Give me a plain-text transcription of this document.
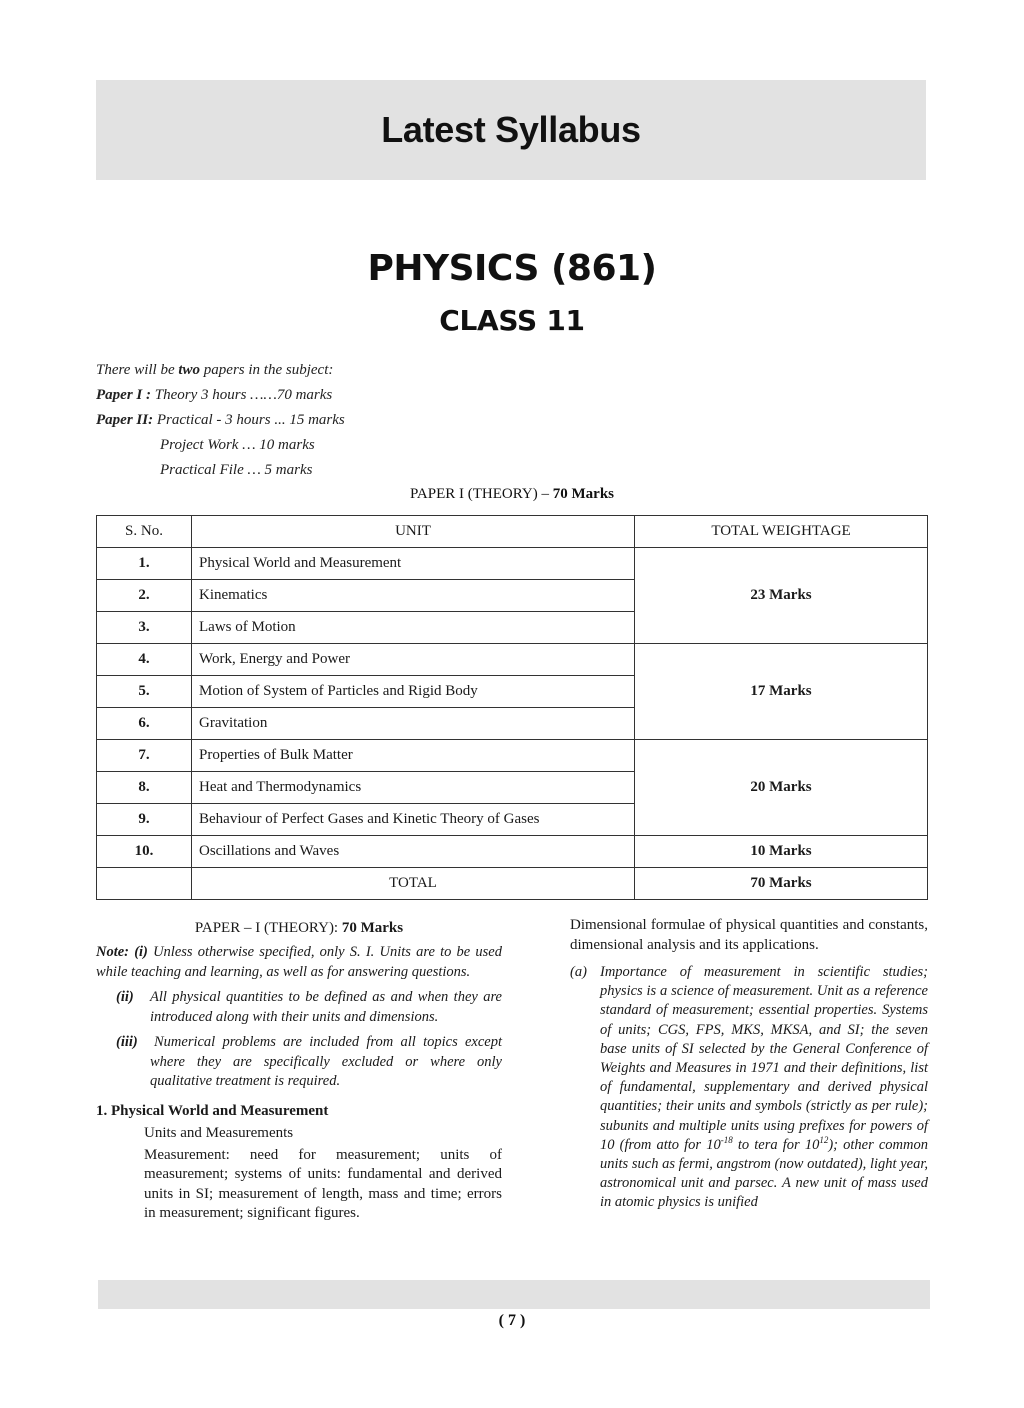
Latest Syllabus
PHYSICS (861)
CLASS 11
There will be two papers in the subject:
Paper I : Theory 3 hours ……70 marks
Paper II: Practical - 3 hours ... 15 marks
Project Work … 10 marks
Practical File … 5 marks
PAPER I (THEORY) – 70 Marks
S. No.	UNIT	TOTAL WEIGHTAGE
1.	Physical World and Measurement	23 Marks
2.	Kinematics	
3.	Laws of Motion	
4.	Work, Energy and Power	17 Marks
5.	Motion of System of Particles and Rigid Body	
6.	Gravitation	
7.	Properties of Bulk Matter	20 Marks
8.	Heat and Thermodynamics	
9.	Behaviour of Perfect Gases and Kinetic Theory of Gases	
10.	Oscillations and Waves	10 Marks
	TOTAL	70 Marks
PAPER – I (THEORY): 70 Marks
Note: (i) Unless otherwise specified, only S. I. Units are to be used while teaching and learning, as well as for answering questions.
(ii) All physical quantities to be defined as and when they are introduced along with their units and dimensions.
(iii) Numerical problems are included from all topics except where they are specifically excluded or where only qualitative treatment is required.
1. Physical World and Measurement
Units and Measurements
Measurement: need for measurement; units of measurement; systems of units: fundamental and derived units in SI; measurement of length, mass and time; errors in measurement; significant figures.
Dimensional formulae of physical quantities and constants, dimensional analysis and its applications.
(a) Importance of measurement in scientific studies; physics is a science of measurement. Unit as a reference standard of measurement; essential properties. Systems of units; CGS, FPS, MKS, MKSA, and SI; the seven base units of SI selected by the General Conference of Weights and Measures in 1971 and their definitions, list of fundamental, supplementary and derived physical quantities; their units and symbols (strictly as per rule); subunits and multiple units using prefixes for powers of 10 (from atto for $10^{-18}$ to tera for $10^{12}$); other common units such as fermi, angstrom (now outdated), light year, astronomical unit and parsec. A new unit of mass used in atomic physics is unified
( 7 )
